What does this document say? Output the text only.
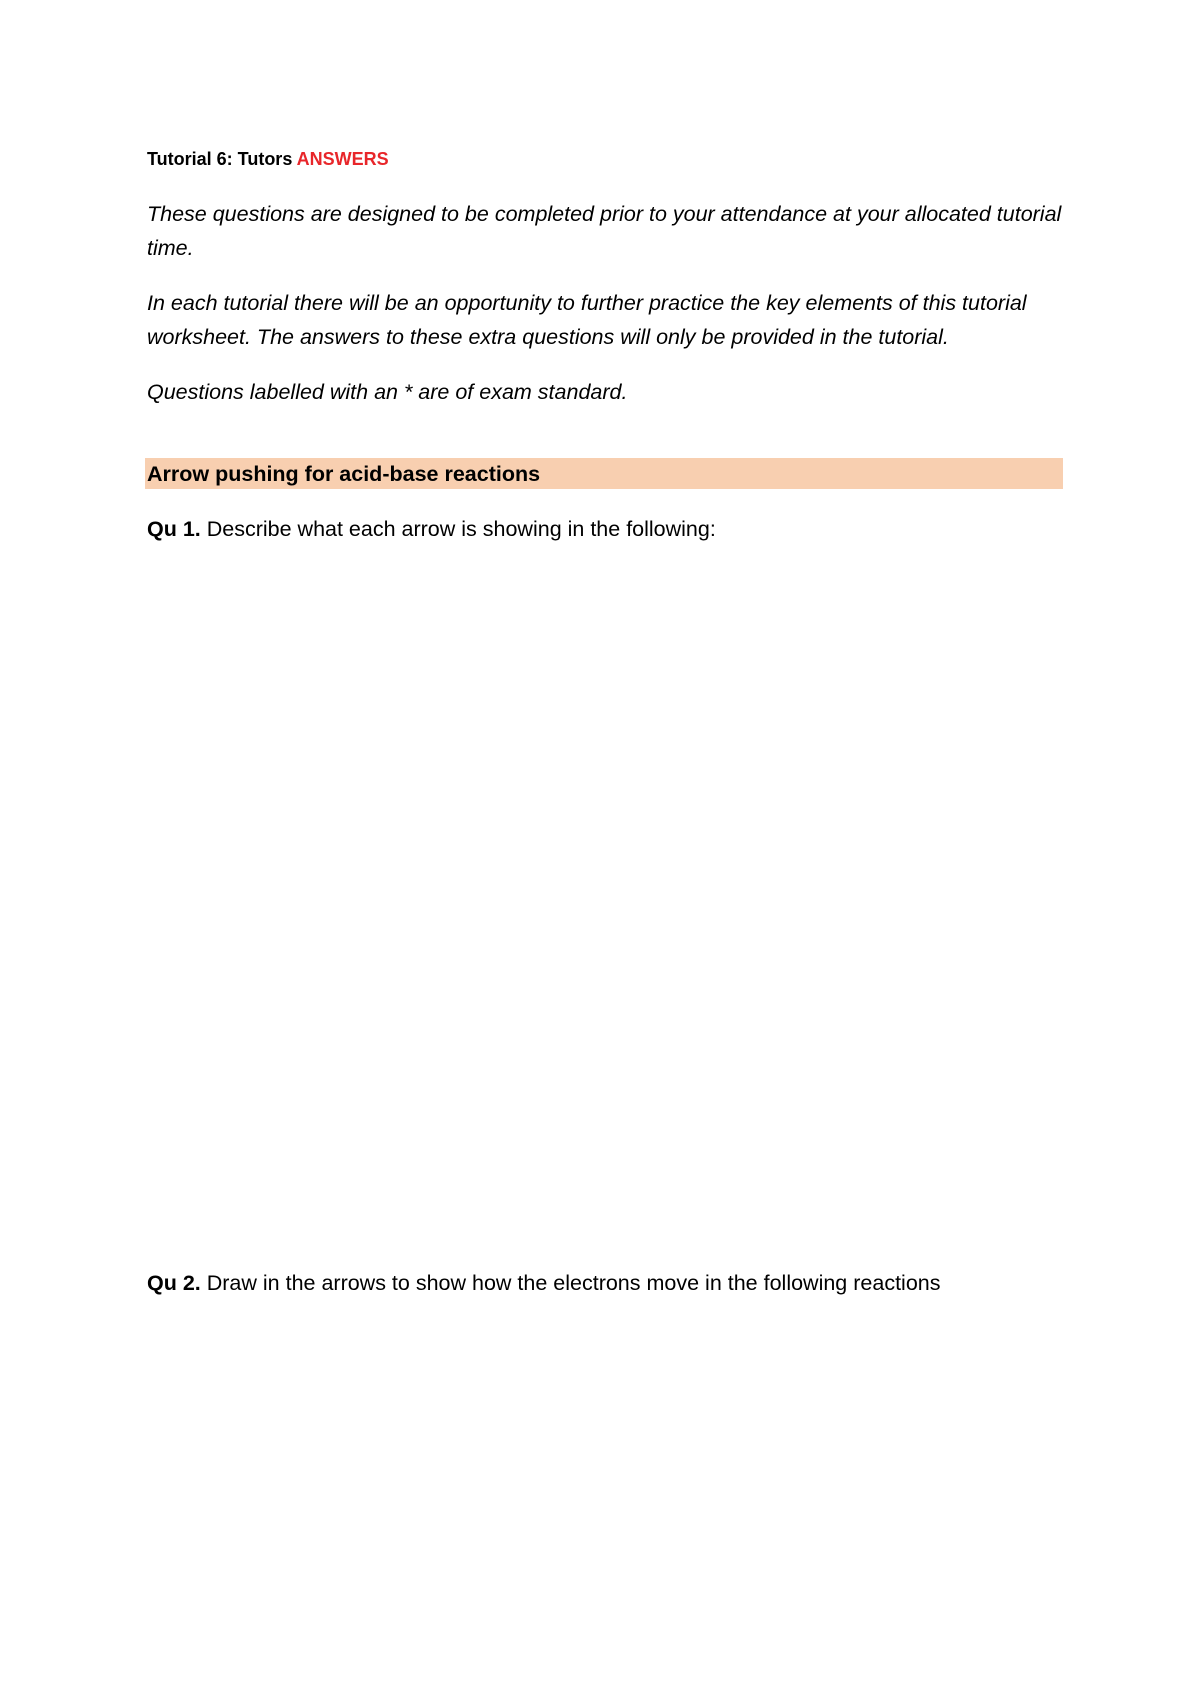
Tutorial 6: Tutors ANSWERS

These questions are designed to be completed prior to your attendance at your allocated tutorial time.

In each tutorial there will be an opportunity to further practice the key elements of this tutorial worksheet. The answers to these extra questions will only be provided in the tutorial.

Questions labelled with an * are of exam standard.

Arrow pushing for acid-base reactions
Qu 1. Describe what each arrow is showing in the following:
Qu 2. Draw in the arrows to show how the electrons move in the following reactions
